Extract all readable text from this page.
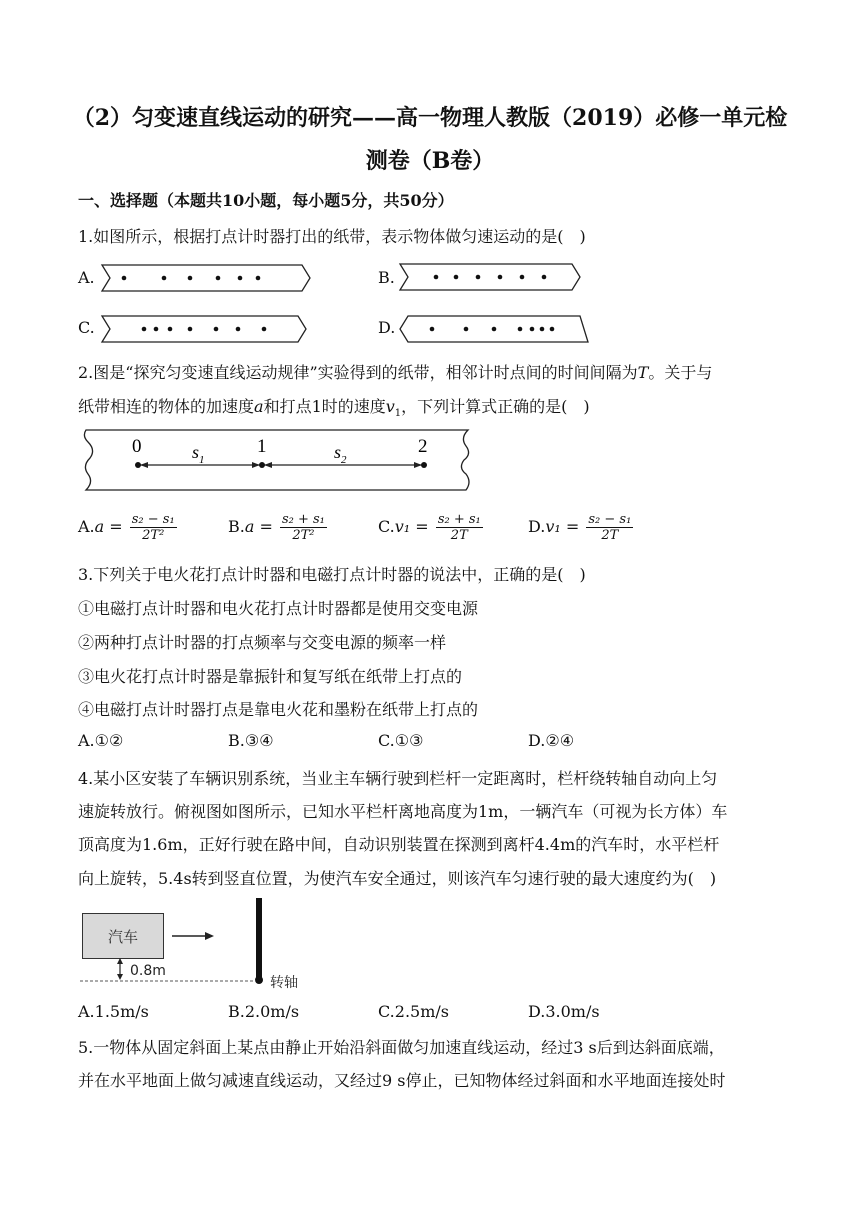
（2）匀变速直线运动的研究——高一物理人教版（2019）必修一单元检
测卷（B卷）
一、选择题（本题共10小题，每小题5分，共50分）
1.如图所示，根据打点计时器打出的纸带，表示物体做匀速运动的是(　)
A.	B.
C.	D.
2.图是“探究匀变速直线运动规律”实验得到的纸带，相邻计时点间的时间间隔为T。关于与
纸带相连的物体的加速度a和打点1时的速度$v_1$，下列计算式正确的是(　)
0	1	2
$s_1$	$s_2$
$A.a = \frac{\text{s₂ − s₁}}{\text{2T²}}$	$B.a = \frac{\text{s₂ + s₁}}{\text{2T²}}$	$C.v_1 = \frac{\text{s₂ + s₁}}{2T}$	$D.v_1 = \frac{\text{s₂ − s₁}}{2T}$
3.下列关于电火花打点计时器和电磁打点计时器的说法中，正确的是(　)
①电磁打点计时器和电火花打点计时器都是使用交变电源
②两种打点计时器的打点频率与交变电源的频率一样
③电火花打点计时器是靠振针和复写纸在纸带上打点的
④电磁打点计时器打点是靠电火花和墨粉在纸带上打点的
A.①②	B.③④	C.①③	D.②④
4.某小区安装了车辆识别系统，当业主车辆行驶到栏杆一定距离时，栏杆绕转轴自动向上匀
速旋转放行。俯视图如图所示，已知水平栏杆离地高度为1m，一辆汽车（可视为长方体）车
顶高度为1.6m，正好行驶在路中间，自动识别装置在探测到离杆4.4m的汽车时，水平栏杆
向上旋转，5.4s转到竖直位置，为使汽车安全通过，则该汽车匀速行驶的最大速度约为(　)
汽车
0.8m
转轴
A.1.5m/s	B.2.0m/s	C.2.5m/s	D.3.0m/s
5.一物体从固定斜面上某点由静止开始沿斜面做匀加速直线运动，经过3 s后到达斜面底端，
并在水平地面上做匀减速直线运动，又经过9 s停止，已知物体经过斜面和水平地面连接处时
